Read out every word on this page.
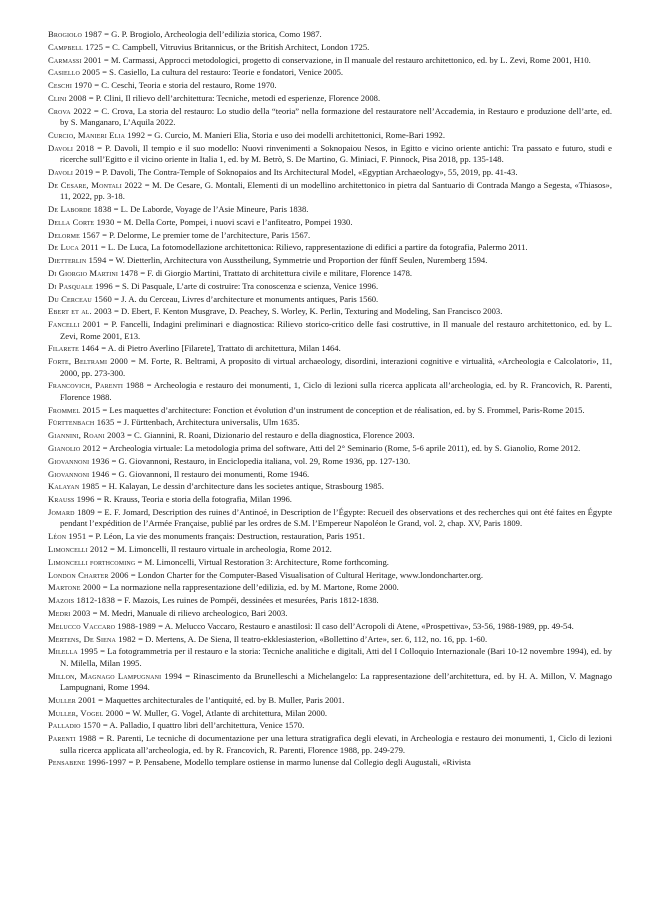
Brogiolo 1987 = G. P. Brogiolo, Archeologia dell’edilizia storica, Como 1987.

Campbell 1725 = C. Campbell, Vitruvius Britannicus, or the British Architect, London 1725.

Carmassi 2001 = M. Carmassi, Approcci metodologici, progetto di conservazione, in Il manuale del restauro architettonico, ed. by L. Zevi, Rome 2001, H10.

Casiello 2005 = S. Casiello, La cultura del restauro: Teorie e fondatori, Venice 2005.

Ceschi 1970 = C. Ceschi, Teoria e storia del restauro, Rome 1970.

Clini 2008 = P. Clini, Il rilievo dell’architettura: Tecniche, metodi ed esperienze, Florence 2008.

Crova 2022 = C. Crova, La storia del restauro: Lo studio della “teoria” nella formazione del restauratore nell’Accademia, in Restauro e produzione dell’arte, ed. by S. Manganaro, L’Aquila 2022.

Curcio, Manieri Elia 1992 = G. Curcio, M. Manieri Elia, Storia e uso dei modelli architettonici, Rome-Bari 1992.

Davoli 2018 = P. Davoli, Il tempio e il suo modello: Nuovi rinvenimenti a Soknopaiou Nesos, in Egitto e vicino oriente antichi: Tra passato e futuro, studi e ricerche sull’Egitto e il vicino oriente in Italia 1, ed. by M. Betrò, S. De Martino, G. Miniaci, F. Pinnock, Pisa 2018, pp. 135-148.

Davoli 2019 = P. Davoli, The Contra-Temple of Soknopaios and Its Architectural Model, «Egyptian Archaeology», 55, 2019, pp. 41-43.

De Cesare, Montali 2022 = M. De Cesare, G. Montali, Elementi di un modellino architettonico in pietra dal Santuario di Contrada Mango a Segesta, «Thiasos», 11, 2022, pp. 3-18.

De Laborde 1838 = L. De Laborde, Voyage de l’Asie Mineure, Paris 1838.

Della Corte 1930 = M. Della Corte, Pompei, i nuovi scavi e l’anfiteatro, Pompei 1930.

Delorme 1567 = P. Delorme, Le premier tome de l’architecture, Paris 1567.

De Luca 2011 = L. De Luca, La fotomodellazione architettonica: Rilievo, rappresentazione di edifici a partire da fotografia, Palermo 2011.

Dietterlin 1594 = W. Dietterlin, Architectura von Ausstheilung, Symmetrie und Proportion der fünff Seulen, Nuremberg 1594.

Di Giorgio Martini 1478 = F. di Giorgio Martini, Trattato di architettura civile e militare, Florence 1478.

Di Pasquale 1996 = S. Di Pasquale, L’arte di costruire: Tra conoscenza e scienza, Venice 1996.

Du Cerceau 1560 = J. A. du Cerceau, Livres d’architecture et monuments antiques, Paris 1560.

Ebert et al. 2003 = D. Ebert, F. Kenton Musgrave, D. Peachey, S. Worley, K. Perlin, Texturing and Modeling, San Francisco 2003.

Fancelli 2001 = P. Fancelli, Indagini preliminari e diagnostica: Rilievo storico-critico delle fasi costruttive, in Il manuale del restauro architettonico, ed. by L. Zevi, Rome 2001, E13.

Filarete 1464 = A. di Pietro Averlino [Filarete], Trattato di architettura, Milan 1464.

Forte, Beltrami 2000 = M. Forte, R. Beltrami, A proposito di virtual archaeology, disordini, interazioni cognitive e virtualità, «Archeologia e Calcolatori», 11, 2000, pp. 273-300.

Francovich, Parenti 1988 = Archeologia e restauro dei monumenti, 1, Ciclo di lezioni sulla ricerca applicata all’archeologia, ed. by R. Francovich, R. Parenti, Florence 1988.

Frommel 2015 = Les maquettes d’architecture: Fonction et évolution d’un instrument de conception et de réalisation, ed. by S. Frommel, Paris-Rome 2015.

Fürttenbach 1635 = J. Fürttenbach, Architectura universalis, Ulm 1635.

Giannini, Roani 2003 = C. Giannini, R. Roani, Dizionario del restauro e della diagnostica, Florence 2003.

Gianolio 2012 = Archeologia virtuale: La metodologia prima del software, Atti del 2° Seminario (Rome, 5-6 aprile 2011), ed. by S. Gianolio, Rome 2012.

Giovannoni 1936 = G. Giovannoni, Restauro, in Enciclopedia italiana, vol. 29, Rome 1936, pp. 127-130.

Giovannoni 1946 = G. Giovannoni, Il restauro dei monumenti, Rome 1946.

Kalayan 1985 = H. Kalayan, Le dessin d’architecture dans les societes antique, Strasbourg 1985.

Krauss 1996 = R. Krauss, Teoria e storia della fotografia, Milan 1996.

Jomard 1809 = E. F. Jomard, Description des ruines d’Antinoé, in Description de l’Égypte: Recueil des observations et des recherches qui ont été faites en Égypte pendant l’expédition de l’Armée Française, publié par les ordres de S.M. l’Empereur Napoléon le Grand, vol. 2, chap. XV, Paris 1809.

Léon 1951 = P. Léon, La vie des monuments français: Destruction, restauration, Paris 1951.

Limoncelli 2012 = M. Limoncelli, Il restauro virtuale in archeologia, Rome 2012.

Limoncelli forthcoming = M. Limoncelli, Virtual Restoration 3: Architecture, Rome forthcoming.

London Charter 2006 = London Charter for the Computer-Based Visualisation of Cultural Heritage, www.londoncharter.org.

Martone 2000 = La normazione nella rappresentazione dell’edilizia, ed. by M. Martone, Rome 2000.

Mazois 1812-1838 = F. Mazois, Les ruines de Pompéi, dessinées et mesurées, Paris 1812-1838.

Medri 2003 = M. Medri, Manuale di rilievo archeologico, Bari 2003.

Melucco Vaccaro 1988-1989 = A. Melucco Vaccaro, Restauro e anastilosi: Il caso dell’Acropoli di Atene, «Prospettiva», 53-56, 1988-1989, pp. 49-54.

Mertens, De Siena 1982 = D. Mertens, A. De Siena, Il teatro-ekklesiasterion, «Bollettino d’Arte», ser. 6, 112, no. 16, pp. 1-60.

Milella 1995 = La fotogrammetria per il restauro e la storia: Tecniche analitiche e digitali, Atti del I Colloquio Internazionale (Bari 10-12 novembre 1994), ed. by N. Milella, Milan 1995.

Millon, Magnago Lampugnani 1994 = Rinascimento da Brunelleschi a Michelangelo: La rappresentazione dell’architettura, ed. by H. A. Millon, V. Magnago Lampugnani, Rome 1994.

Muller 2001 = Maquettes architecturales de l’antiquité, ed. by B. Muller, Paris 2001.

Muller, Vogel 2000 = W. Muller, G. Vogel, Atlante di architettura, Milan 2000.

Palladio 1570 = A. Palladio, I quattro libri dell’architettura, Venice 1570.

Parenti 1988 = R. Parenti, Le tecniche di documentazione per una lettura stratigrafica degli elevati, in Archeologia e restauro dei monumenti, 1, Ciclo di lezioni sulla ricerca applicata all’archeologia, ed. by R. Francovich, R. Parenti, Florence 1988, pp. 249-279.

Pensabene 1996-1997 = P. Pensabene, Modello templare ostiense in marmo lunense dal Collegio degli Augustali, «Rivista
